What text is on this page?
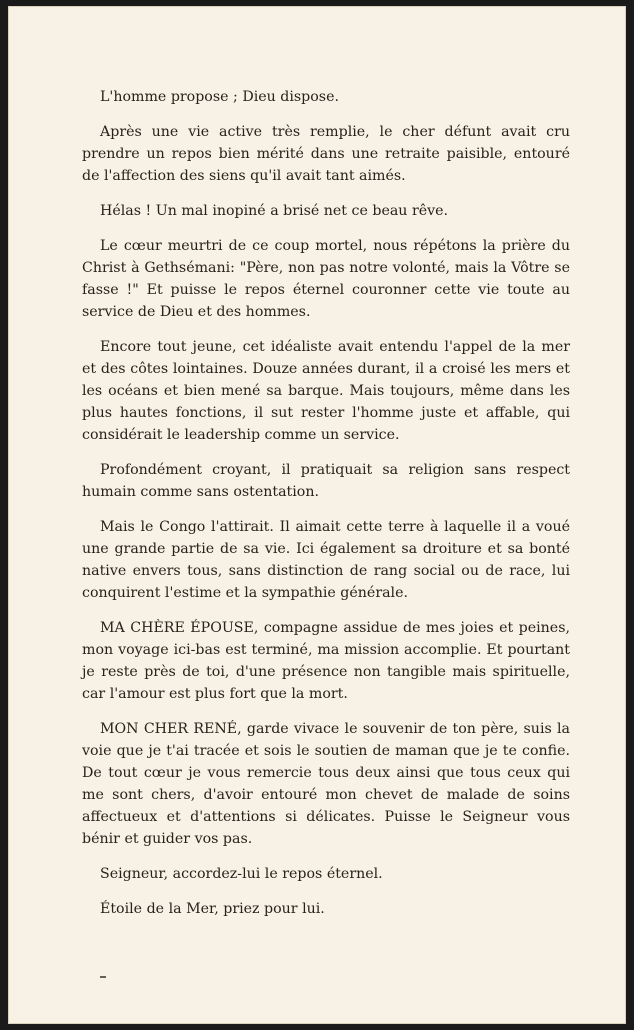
L'homme propose ; Dieu dispose.

Après une vie active très remplie, le cher défunt avait cru prendre un repos bien mérité dans une retraite paisible, entouré de l'affection des siens qu'il avait tant aimés.

Hélas ! Un mal inopiné a brisé net ce beau rêve.

Le cœur meurtri de ce coup mortel, nous répétons la prière du Christ à Gethsémani: "Père, non pas notre volonté, mais la Vôtre se fasse !" Et puisse le repos éternel couronner cette vie toute au service de Dieu et des hommes.

Encore tout jeune, cet idéaliste avait entendu l'appel de la mer et des côtes lointaines. Douze années durant, il a croisé les mers et les océans et bien mené sa barque. Mais toujours, même dans les plus hautes fonctions, il sut rester l'homme juste et affable, qui considérait le leadership comme un service.

Profondément croyant, il pratiquait sa religion sans respect humain comme sans ostentation.

Mais le Congo l'attirait. Il aimait cette terre à laquelle il a voué une grande partie de sa vie. Ici également sa droiture et sa bonté native envers tous, sans distinction de rang social ou de race, lui conquirent l'estime et la sympathie générale.

MA CHÈRE ÉPOUSE, compagne assidue de mes joies et peines, mon voyage ici-bas est terminé, ma mission accomplie. Et pourtant je reste près de toi, d'une présence non tangible mais spirituelle, car l'amour est plus fort que la mort.

MON CHER RENÉ, garde vivace le souvenir de ton père, suis la voie que je t'ai tracée et sois le soutien de maman que je te confie. De tout cœur je vous remercie tous deux ainsi que tous ceux qui me sont chers, d'avoir entouré mon chevet de malade de soins affectueux et d'attentions si délicates. Puisse le Seigneur vous bénir et guider vos pas.

Seigneur, accordez-lui le repos éternel.

Étoile de la Mer, priez pour lui.
